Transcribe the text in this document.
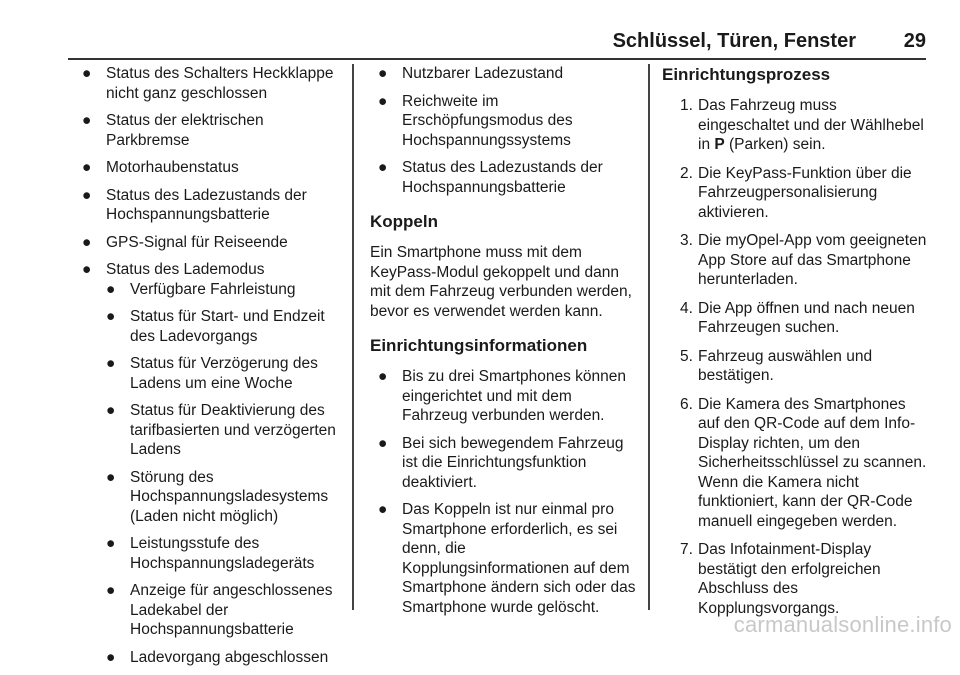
Schlüssel, Türen, Fenster 29
● Status des Schalters Heckklappe nicht ganz geschlossen
● Status der elektrischen Parkbremse
● Motorhaubenstatus
● Status des Ladezustands der Hochspannungsbatterie
● GPS-Signal für Reiseende
● Status des Lademodus
● Verfügbare Fahrleistung
● Status für Start- und Endzeit des Ladevorgangs
● Status für Verzögerung des Ladens um eine Woche
● Status für Deaktivierung des tarifbasierten und verzögerten Ladens
● Störung des Hochspannungsladesystems (Laden nicht möglich)
● Leistungsstufe des Hochspannungsladegeräts
● Anzeige für angeschlossenes Ladekabel der Hochspannungsbatterie
● Ladevorgang abgeschlossen
● Nutzbarer Ladezustand
● Reichweite im Erschöpfungsmodus des Hochspannungssystems
● Status des Ladezustands der Hochspannungsbatterie
Koppeln

Ein Smartphone muss mit dem KeyPass-Modul gekoppelt und dann mit dem Fahrzeug verbunden werden, bevor es verwendet werden kann.

Einrichtungsinformationen
● Bis zu drei Smartphones können eingerichtet und mit dem Fahrzeug verbunden werden.
● Bei sich bewegendem Fahrzeug ist die Einrichtungsfunktion deaktiviert.
● Das Koppeln ist nur einmal pro Smartphone erforderlich, es sei denn, die Kopplungsinformationen auf dem Smartphone ändern sich oder das Smartphone wurde gelöscht.
Einrichtungsprozess
1. Das Fahrzeug muss eingeschaltet und der Wählhebel in P (Parken) sein.
2. Die KeyPass-Funktion über die Fahrzeugpersonalisierung aktivieren.
3. Die myOpel-App vom geeigneten App Store auf das Smartphone herunterladen.
4. Die App öffnen und nach neuen Fahrzeugen suchen.
5. Fahrzeug auswählen und bestätigen.
6. Die Kamera des Smartphones auf den QR-Code auf dem Info-Display richten, um den Sicherheitsschlüssel zu scannen. Wenn die Kamera nicht funktioniert, kann der QR-Code manuell eingegeben werden.
7. Das Infotainment-Display bestätigt den erfolgreichen Abschluss des Kopplungsvorgangs.
carmanualsonline.info
